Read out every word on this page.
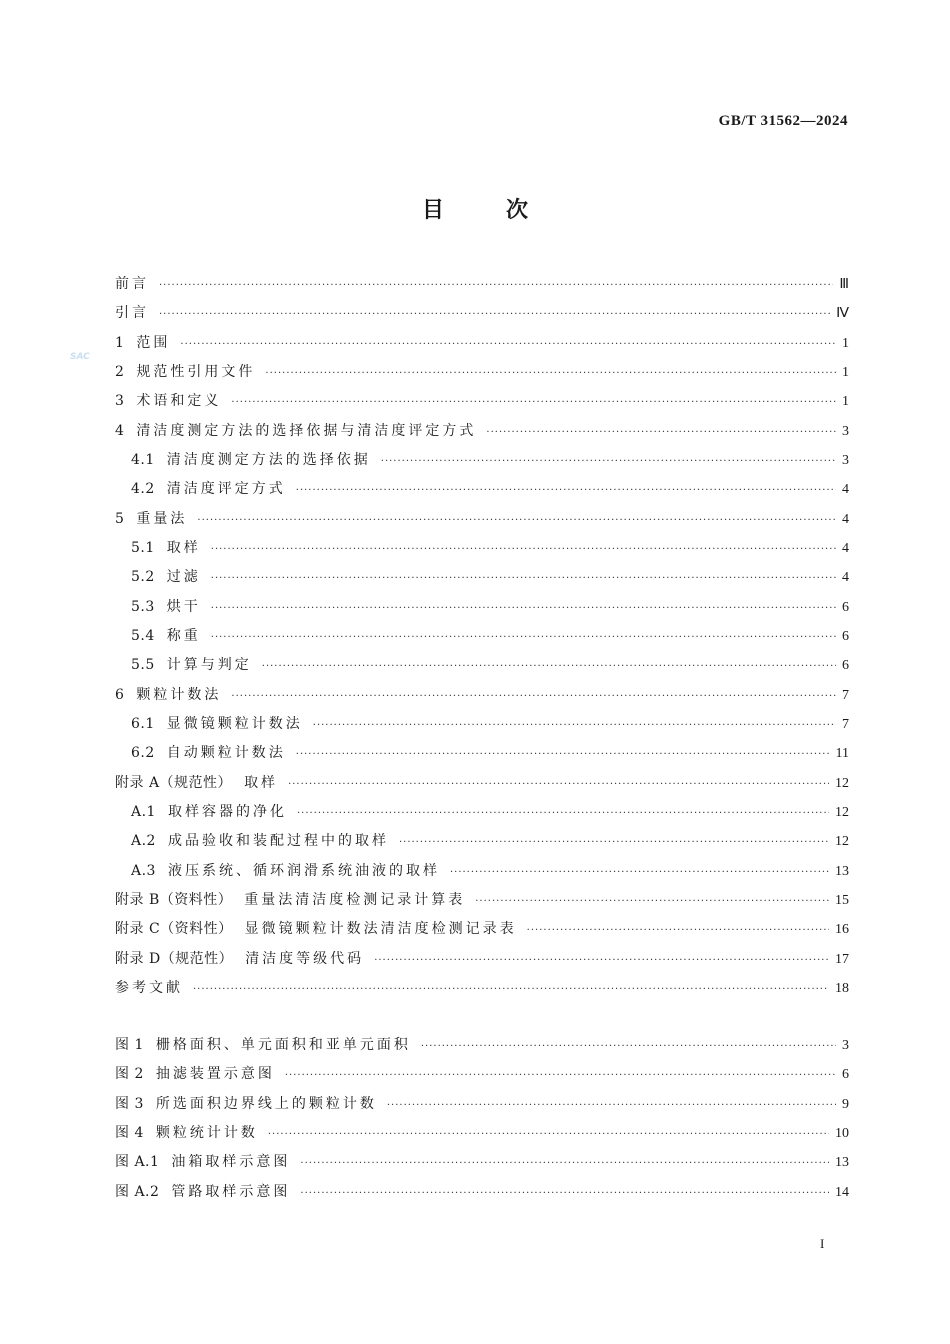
GB/T 31562—2024
目次
SAC
前言 ·····	Ⅲ
引言 ·····	Ⅳ
1 范围 ·····	1
2 规范性引用文件 ·····	1
3 术语和定义 ·····	1
4 清洁度测定方法的选择依据与清洁度评定方式 ·····	3
4.1 清洁度测定方法的选择依据 ·····	3
4.2 清洁度评定方式 ·····	4
5 重量法 ·····	4
5.1 取样 ·····	4
5.2 过滤 ·····	4
5.3 烘干 ·····	6
5.4 称重 ·····	6
5.5 计算与判定 ·····	6
6 颗粒计数法 ·····	7
6.1 显微镜颗粒计数法 ·····	7
6.2 自动颗粒计数法 ·····	11
附录 A（规范性） 取样 ·····	12
A.1 取样容器的净化 ·····	12
A.2 成品验收和装配过程中的取样 ·····	12
A.3 液压系统、循环润滑系统油液的取样 ·····	13
附录 B（资料性） 重量法清洁度检测记录计算表 ·····	15
附录 C（资料性） 显微镜颗粒计数法清洁度检测记录表 ·····	16
附录 D（规范性） 清洁度等级代码 ·····	17
参考文献 ·····	18
图 1 栅格面积、单元面积和亚单元面积 ·····	3
图 2 抽滤装置示意图 ·····	6
图 3 所选面积边界线上的颗粒计数 ·····	9
图 4 颗粒统计计数 ·····	10
图 A.1 油箱取样示意图 ·····	13
图 A.2 管路取样示意图 ·····	14
I
